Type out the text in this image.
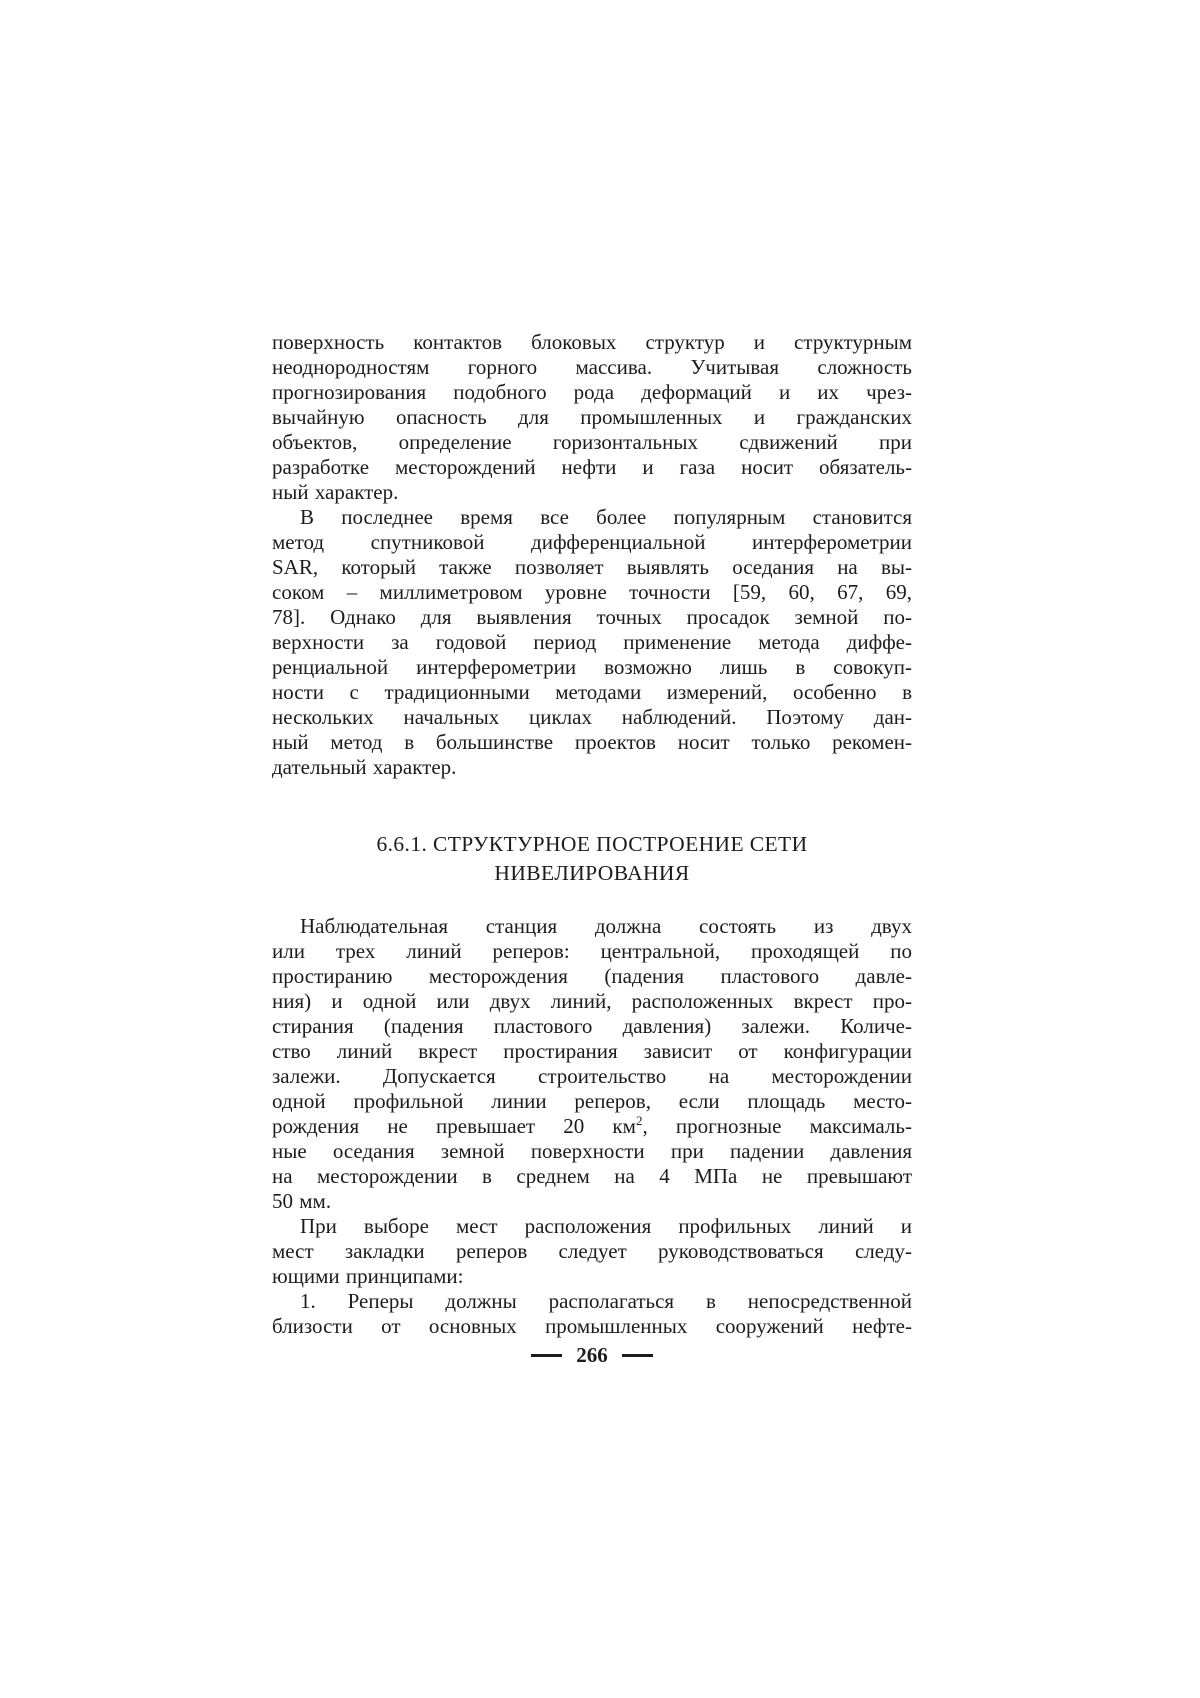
поверхность контактов блоковых структур и структурным
неоднородностям горного массива. Учитывая сложность
прогнозирования подобного рода деформаций и их чрез-
вычайную опасность для промышленных и гражданских
объектов, определение горизонтальных сдвижений при
разработке месторождений нефти и газа носит обязатель-
ный характер.
В последнее время все более популярным становится
метод спутниковой дифференциальной интерферометрии
SAR, который также позволяет выявлять оседания на вы-
соком – миллиметровом уровне точности [59, 60, 67, 69,
78]. Однако для выявления точных просадок земной по-
верхности за годовой период применение метода диффе-
ренциальной интерферометрии возможно лишь в совокуп-
ности с традиционными методами измерений, особенно в
нескольких начальных циклах наблюдений. Поэтому дан-
ный метод в большинстве проектов носит только рекомен-
дательный характер.
6.6.1. СТРУКТУРНОЕ ПОСТРОЕНИЕ СЕТИ
НИВЕЛИРОВАНИЯ
Наблюдательная станция должна состоять из двух
или трех линий реперов: центральной, проходящей по
простиранию месторождения (падения пластового давле-
ния) и одной или двух линий, расположенных вкрест про-
стирания (падения пластового давления) залежи. Количе-
ство линий вкрест простирания зависит от конфигурации
залежи. Допускается строительство на месторождении
одной профильной линии реперов, если площадь место-
рождения не превышает 20 $км^2$, прогнозные максималь-
ные оседания земной поверхности при падении давления
на месторождении в среднем на 4 МПа не превышают
50 мм.
При выборе мест расположения профильных линий и
мест закладки реперов следует руководствоваться следу-
ющими принципами:
1. Реперы должны располагаться в непосредственной
близости от основных промышленных сооружений нефте-
266
